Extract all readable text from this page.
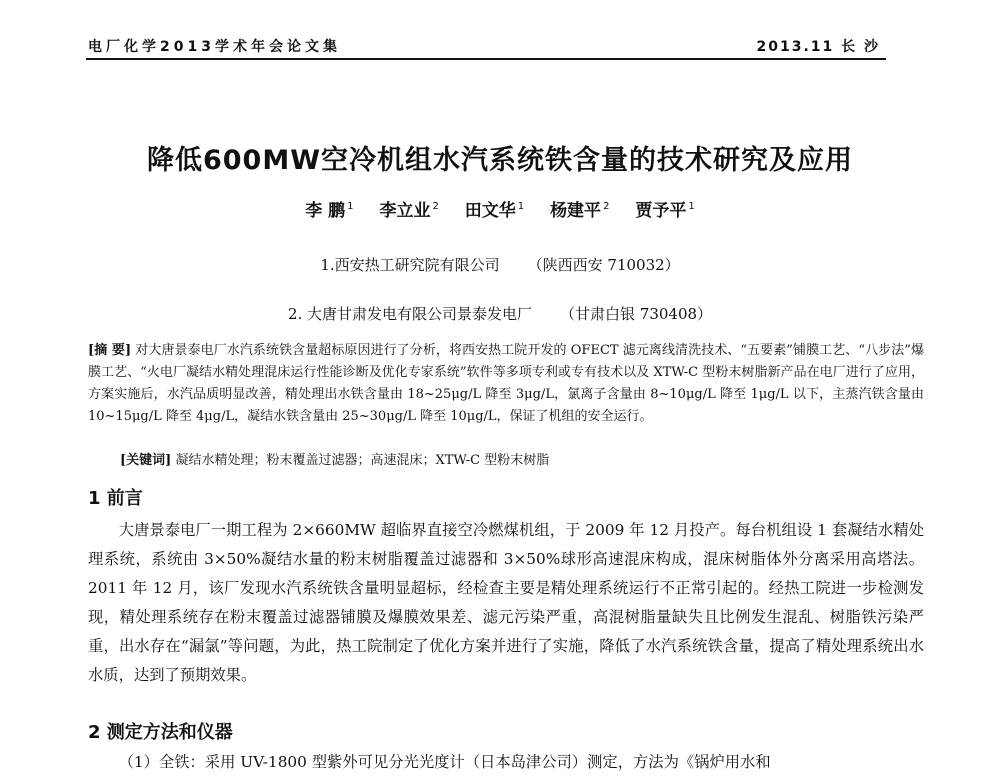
电厂化学2013学术年会论文集	2013.11 长 沙
降低600MW空冷机组水汽系统铁含量的技术研究及应用
李 鹏 $^1$ 李立业 $^2$ 田文华 $^1$ 杨建平 $^2$ 贾予平 $^1$
1.西安热工研究院有限公司 （陕西西安 710032）
2. 大唐甘肃发电有限公司景泰发电厂 （甘肃白银 730408）

[摘 要] 对大唐景泰电厂水汽系统铁含量超标原因进行了分析，将西安热工院开发的 OFECT 滤元离线清洗技术、“五要素”铺膜工艺、“八步法”爆膜工艺、“火电厂凝结水精处理混床运行性能诊断及优化专家系统”软件等多项专利或专有技术以及 XTW-C 型粉末树脂新产品在电厂进行了应用，方案实施后，水汽品质明显改善，精处理出水铁含量由 18~25μg/L 降至 3μg/L，氯离子含量由 8~10μg/L 降至 1μg/L 以下，主蒸汽铁含量由 10~15μg/L 降至 4μg/L，凝结水铁含量由 25~30μg/L 降至 10μg/L，保证了机组的安全运行。

[关键词] 凝结水精处理；粉末覆盖过滤器；高速混床；XTW-C 型粉末树脂

1 前言

大唐景泰电厂一期工程为 2×660MW 超临界直接空冷燃煤机组，于 2009 年 12 月投产。每台机组设 1 套凝结水精处理系统，系统由 3×50%凝结水量的粉末树脂覆盖过滤器和 3×50%球形高速混床构成，混床树脂体外分离采用高塔法。2011 年 12 月，该厂发现水汽系统铁含量明显超标，经检查主要是精处理系统运行不正常引起的。经热工院进一步检测发现，精处理系统存在粉末覆盖过滤器铺膜及爆膜效果差、滤元污染严重，高混树脂量缺失且比例发生混乱、树脂铁污染严重，出水存在“漏氯”等问题，为此，热工院制定了优化方案并进行了实施，降低了水汽系统铁含量，提高了精处理系统出水水质，达到了预期效果。

2 测定方法和仪器

（1）全铁：采用 UV-1800 型紫外可见分光光度计（日本岛津公司）测定，方法为《锅炉用水和
